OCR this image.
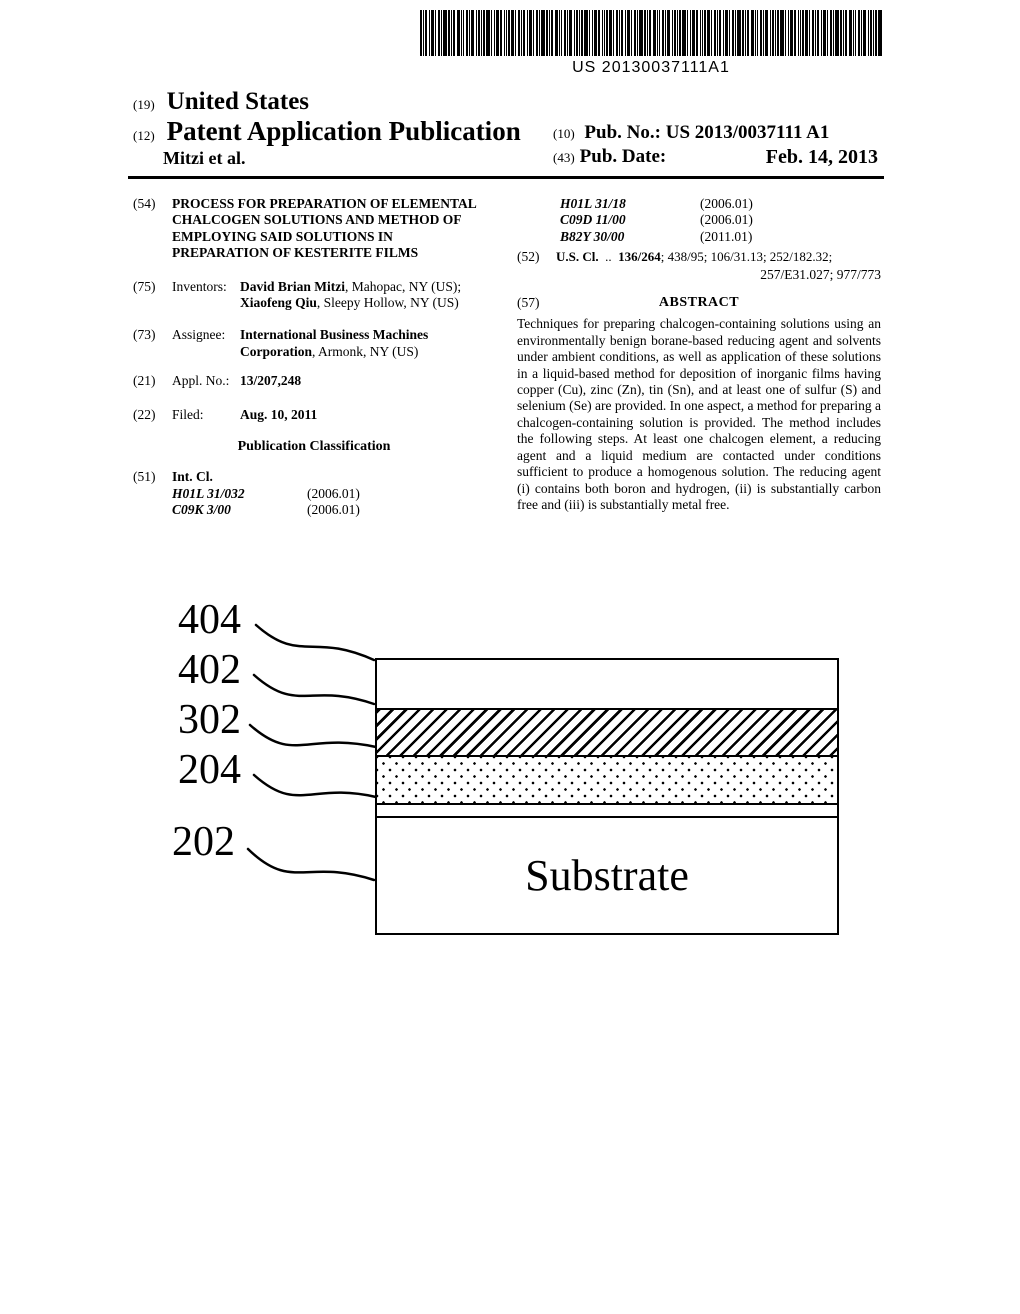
US 20130037111A1
(19) United States
(12) Patent Application Publication
Mitzi et al.
(10) Pub. No.: US 2013/0037111 A1
(43) Pub. Date:	Feb. 14, 2013
(54)	PROCESS FOR PREPARATION OF ELEMENTAL CHALCOGEN SOLUTIONS AND METHOD OF EMPLOYING SAID SOLUTIONS IN PREPARATION OF KESTERITE FILMS
(75)	Inventors: David Brian Mitzi, Mahopac, NY (US);
Xiaofeng Qiu, Sleepy Hollow, NY (US)
(73)	Assignee:	International Business Machines Corporation, Armonk, NY (US)
(21)	Appl. No.: 13/207,248
(22)	Filed:	Aug. 10, 2011
Publication Classification
(51)	Int. Cl.
H01L 31/032	(2006.01)
C09K 3/00	(2006.01)
H01L 31/18	(2006.01)
C09D 11/00	(2006.01)
B82Y 30/00	(2011.01)
(52)	U.S. Cl. .. 136/264; 438/95; 106/31.13; 252/182.32;
257/E31.027; 977/773
(57)	ABSTRACT
Techniques for preparing chalcogen-containing solutions using an environmentally benign borane-based reducing agent and solvents under ambient conditions, as well as application of these solutions in a liquid-based method for deposition of inorganic films having copper (Cu), zinc (Zn), tin (Sn), and at least one of sulfur (S) and selenium (Se) are provided. In one aspect, a method for preparing a chalcogen-containing solution is provided. The method includes the following steps. At least one chalcogen element, a reducing agent and a liquid medium are contacted under conditions sufficient to produce a homogenous solution. The reducing agent (i) contains both boron and hydrogen, (ii) is substantially carbon free and (iii) is substantially metal free.
404
402
302
204
202
Substrate
